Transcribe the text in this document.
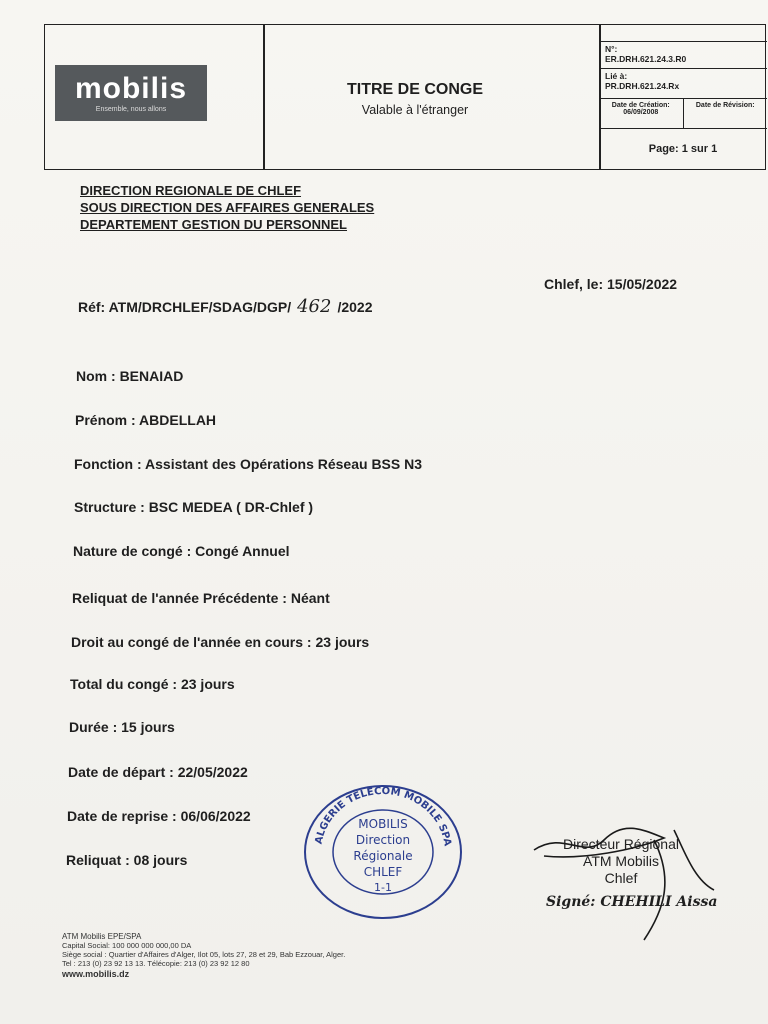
mobilis
Ensemble, nous allons
TITRE DE CONGE
Valable à l'étranger
N°:
ER.DRH.621.24.3.R0
Lié à:
PR.DRH.621.24.Rx
Date de Création:
06/09/2008
Date de Révision:
Page: 1 sur 1
DIRECTION REGIONALE DE CHLEF
SOUS DIRECTION DES AFFAIRES GENERALES
DEPARTEMENT GESTION DU PERSONNEL
Chlef, le: 15/05/2022
Réf: ATM/DRCHLEF/SDAG/DGP/ 462 /2022
Nom : BENAIAD
Prénom : ABDELLAH
Fonction : Assistant des Opérations Réseau BSS N3
Structure : BSC MEDEA ( DR-Chlef )
Nature de congé : Congé Annuel
Reliquat de l'année Précédente : Néant
Droit au congé de l'année en cours : 23 jours
Total du congé : 23 jours
Durée : 15 jours
Date de départ : 22/05/2022
Date de reprise : 06/06/2022
Reliquat : 08 jours
ALGERIE TELECOM MOBILE SPA
MOBILIS
Direction
Régionale
CHLEF
1-1
Directeur Régional
ATM Mobilis
Chlef
Signé: CHEHILI Aissa
ATM Mobilis EPE/SPA
Capital Social: 100 000 000 000,00 DA
Siège social : Quartier d'Affaires d'Alger, Ilot 05, lots 27, 28 et 29, Bab Ezzouar, Alger.
Tel : 213 (0) 23 92 13 13. Télécopie: 213 (0) 23 92 12 80
www.mobilis.dz
